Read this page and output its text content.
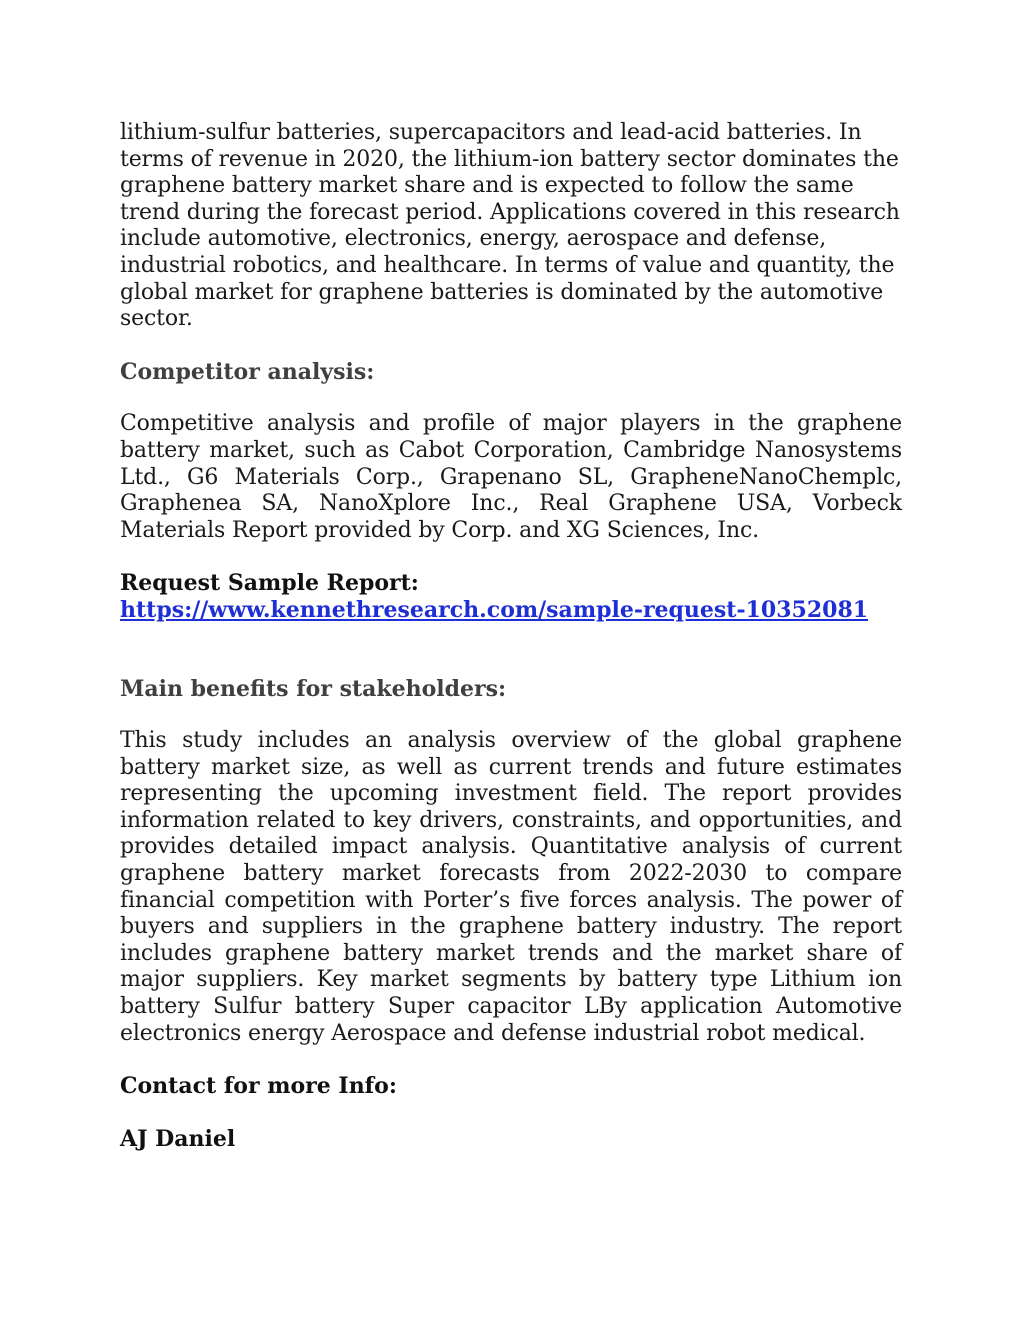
lithium-sulfur batteries, supercapacitors and lead-acid batteries. In terms of revenue in 2020, the lithium-ion battery sector dominates the graphene battery market share and is expected to follow the same trend during the forecast period. Applications covered in this research include automotive, electronics, energy, aerospace and defense, industrial robotics, and healthcare. In terms of value and quantity, the global market for graphene batteries is dominated by the automotive sector.

Competitor analysis:

Competitive analysis and profile of major players in the graphene battery market, such as Cabot Corporation, Cambridge Nanosystems Ltd., G6 Materials Corp., Grapenano SL, GrapheneNanoChemplc, Graphenea SA, NanoXplore Inc., Real Graphene USA, Vorbeck Materials Report provided by Corp. and XG Sciences, Inc.

Request Sample Report:
https://www.kennethresearch.com/sample-request-10352081
Main benefits for stakeholders:

This study includes an analysis overview of the global graphene battery market size, as well as current trends and future estimates representing the upcoming investment field. The report provides information related to key drivers, constraints, and opportunities, and provides detailed impact analysis. Quantitative analysis of current graphene battery market forecasts from 2022-2030 to compare financial competition with Porter’s five forces analysis. The power of buyers and suppliers in the graphene battery industry. The report includes graphene battery market trends and the market share of major suppliers. Key market segments by battery type Lithium ion battery Sulfur battery Super capacitor LBy application Automotive electronics energy Aerospace and defense industrial robot medical.

Contact for more Info:
AJ Daniel
